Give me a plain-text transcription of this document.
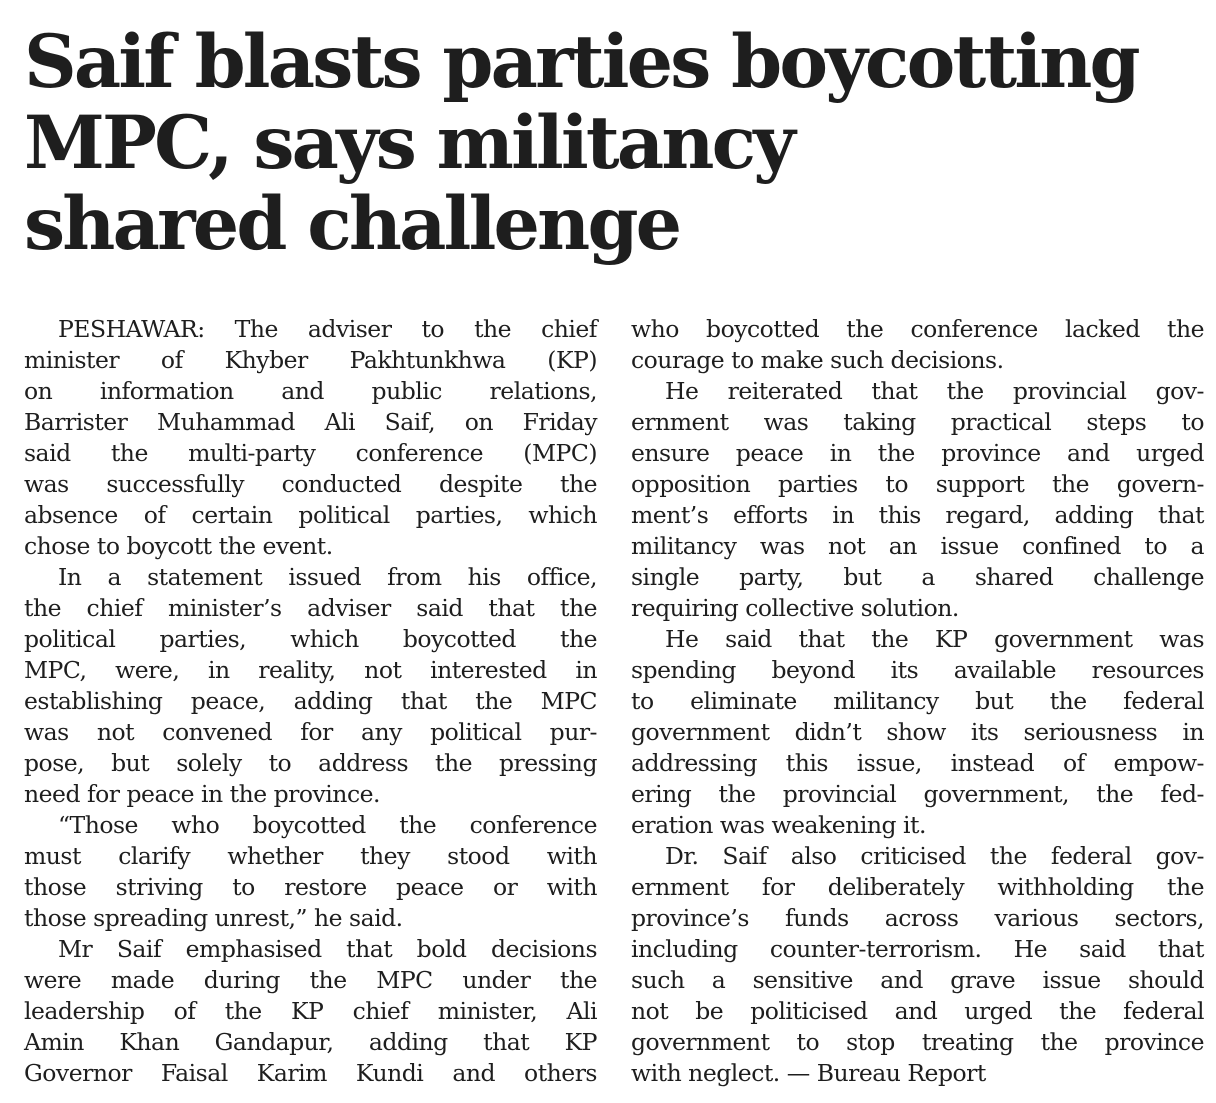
Saif blasts parties boycotting
MPC, says militancy
shared challenge
PESHAWAR: The adviser to the chief
minister of Khyber Pakhtunkhwa (KP)
on information and public relations,
Barrister Muhammad Ali Saif, on Friday
said the multi-party conference (MPC)
was successfully conducted despite the
absence of certain political parties, which
chose to boycott the event.
In a statement issued from his office,
the chief minister’s adviser said that the
political parties, which boycotted the
MPC, were, in reality, not interested in
establishing peace, adding that the MPC
was not convened for any political pur-
pose, but solely to address the pressing
need for peace in the province.
“Those who boycotted the conference
must clarify whether they stood with
those striving to restore peace or with
those spreading unrest,” he said.
Mr Saif emphasised that bold decisions
were made during the MPC under the
leadership of the KP chief minister, Ali
Amin Khan Gandapur, adding that KP
Governor Faisal Karim Kundi and others
who boycotted the conference lacked the
courage to make such decisions.
He reiterated that the provincial gov-
ernment was taking practical steps to
ensure peace in the province and urged
opposition parties to support the govern-
ment’s efforts in this regard, adding that
militancy was not an issue confined to a
single party, but a shared challenge
requiring collective solution.
He said that the KP government was
spending beyond its available resources
to eliminate militancy but the federal
government didn’t show its seriousness in
addressing this issue, instead of empow-
ering the provincial government, the fed-
eration was weakening it.
Dr. Saif also criticised the federal gov-
ernment for deliberately withholding the
province’s funds across various sectors,
including counter-terrorism. He said that
such a sensitive and grave issue should
not be politicised and urged the federal
government to stop treating the province
with neglect. — Bureau Report
